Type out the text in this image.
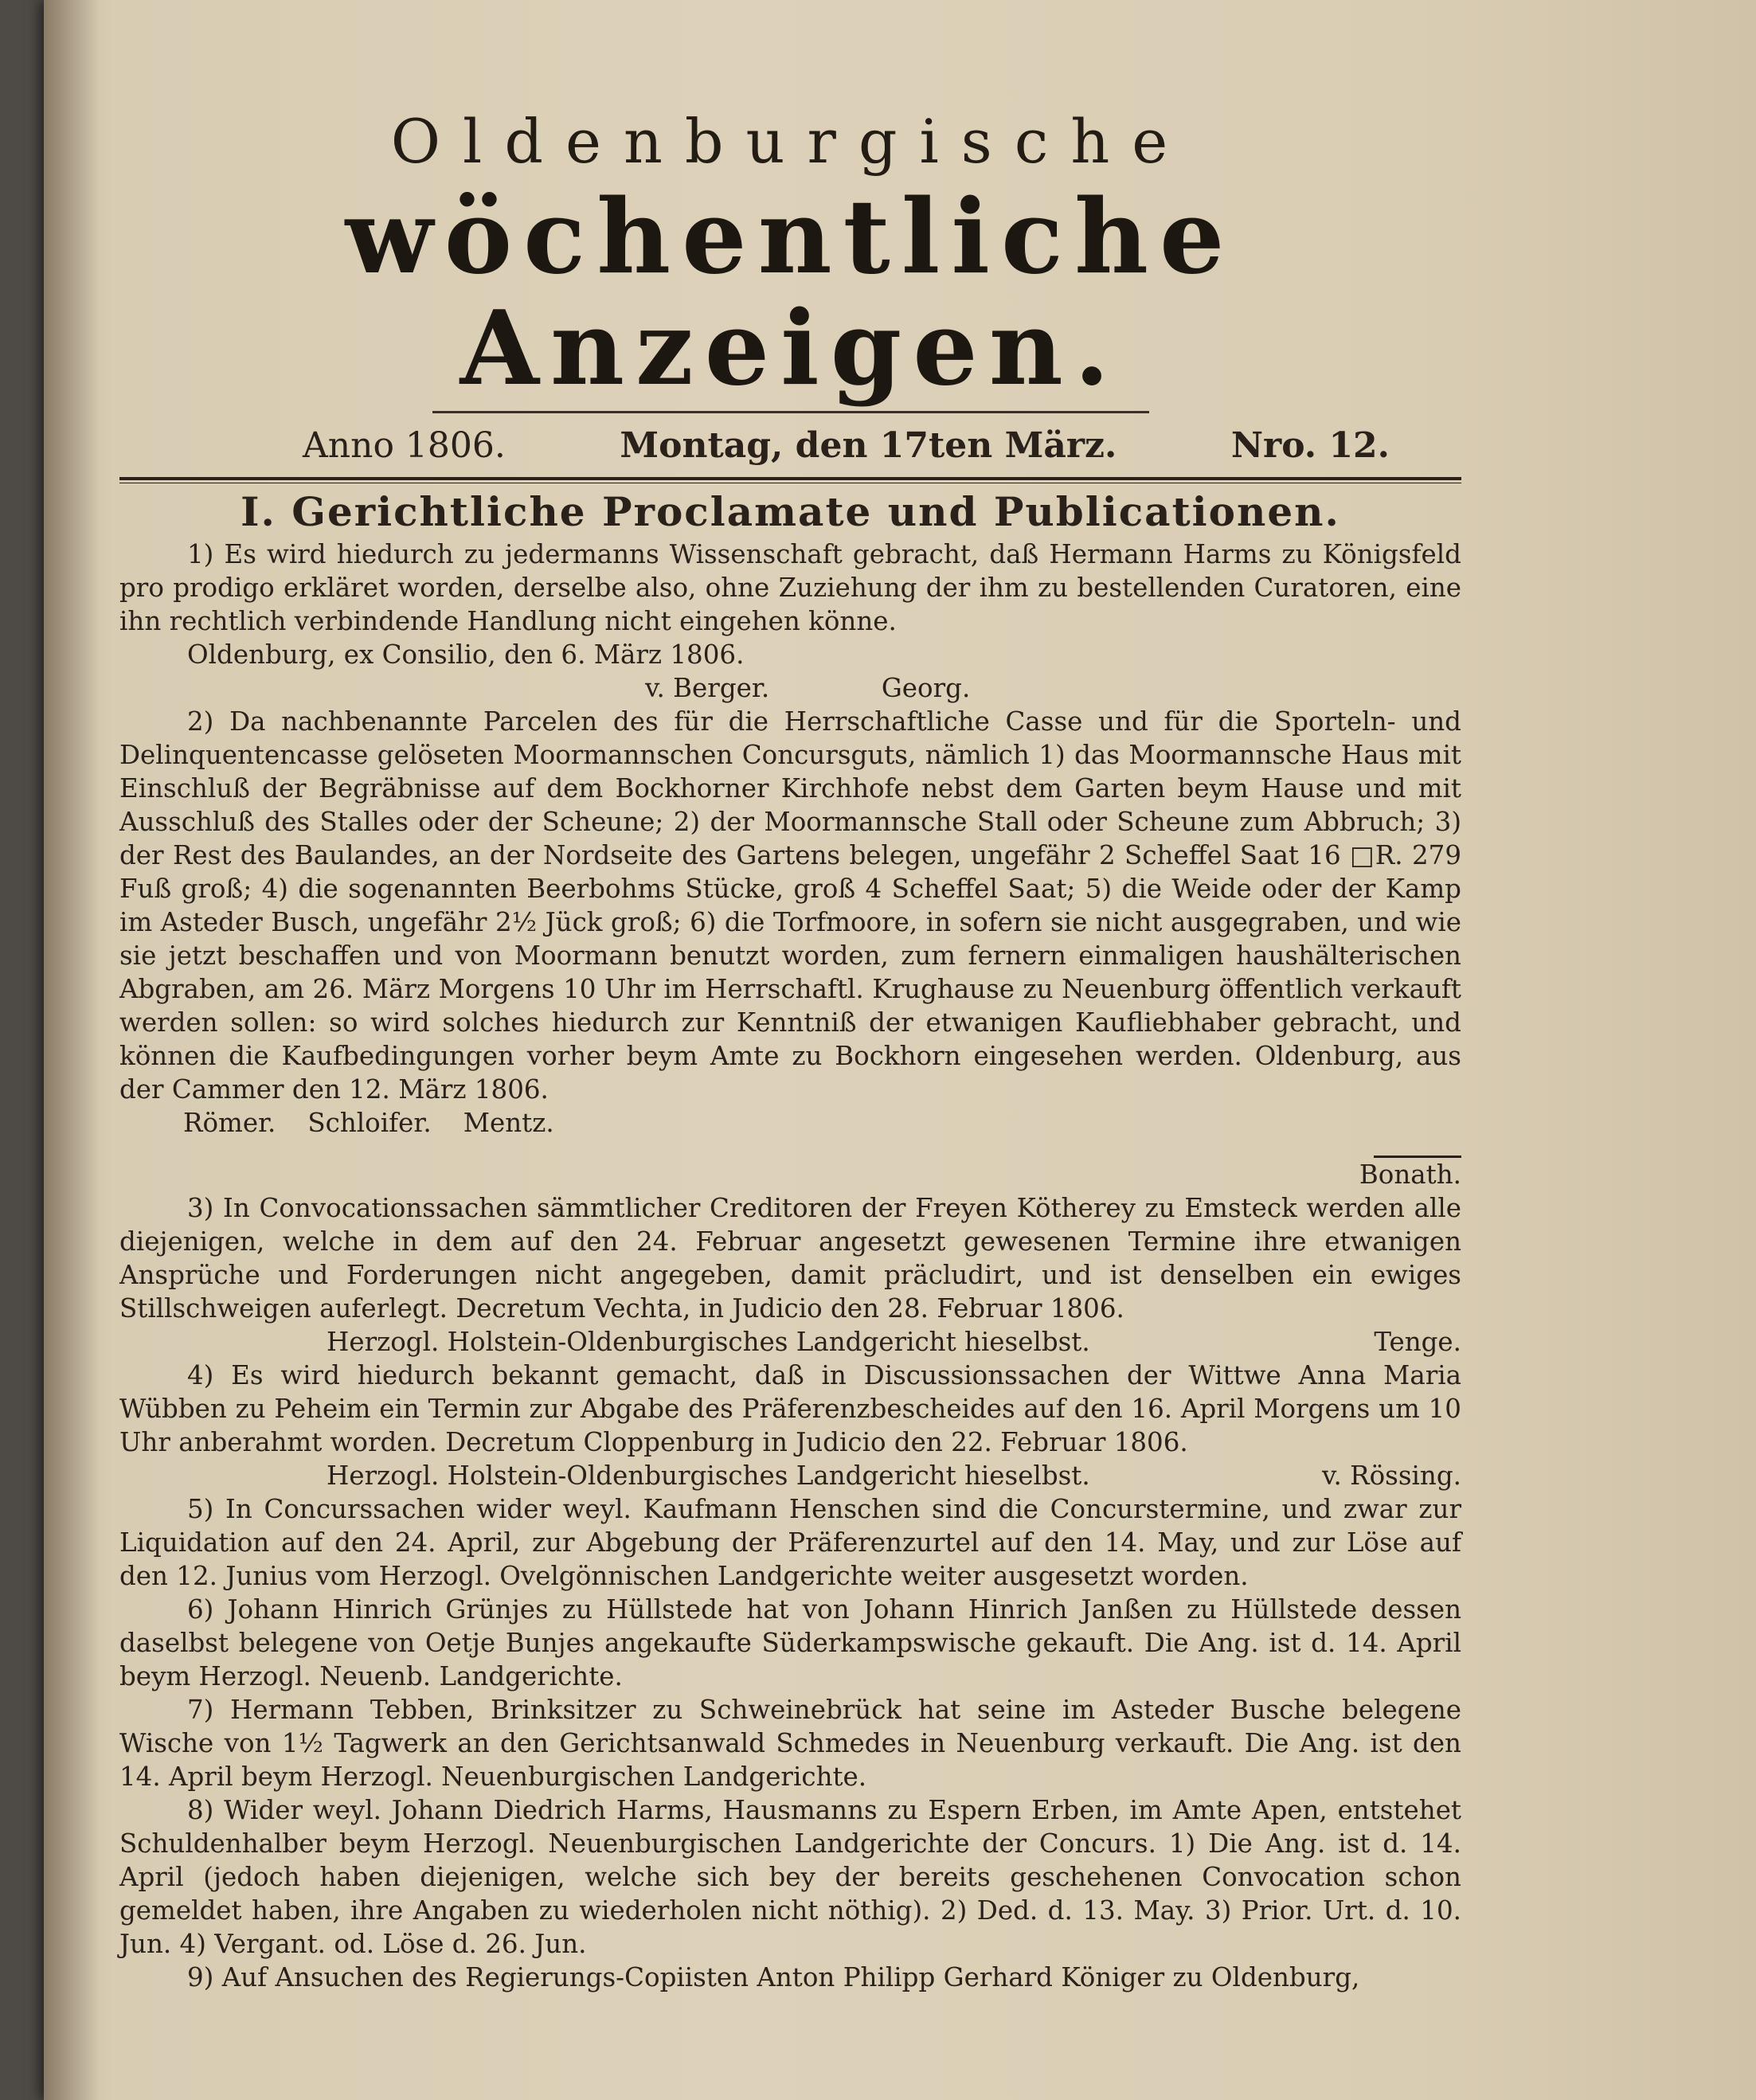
Oldenburgische
wöchentliche Anzeigen.
Anno 1806.	Montag, den 17ten März.	Nro. 12.
I. Gerichtliche Proclamate und Publicationen.

1) Es wird hiedurch zu jedermanns Wissenschaft gebracht, daß Hermann Harms zu Königsfeld pro prodigo erkläret worden, derselbe also, ohne Zuziehung der ihm zu bestellenden Curatoren, eine ihn rechtlich verbindende Handlung nicht eingehen könne.

Oldenburg, ex Consilio, den 6. März 1806.

v. Berger.	Georg.

2) Da nachbenannte Parcelen des für die Herrschaftliche Casse und für die Sporteln- und Delinquentencasse gelöseten Moormannschen Concursguts, nämlich 1) das Moormannsche Haus mit Einschluß der Begräbnisse auf dem Bockhorner Kirchhofe nebst dem Garten beym Hause und mit Ausschluß des Stalles oder der Scheune; 2) der Moormannsche Stall oder Scheune zum Abbruch; 3) der Rest des Baulandes, an der Nordseite des Gartens belegen, ungefähr 2 Scheffel Saat 16 □R. 279 Fuß groß; 4) die sogenannten Beerbohms Stücke, groß 4 Scheffel Saat; 5) die Weide oder der Kamp im Asteder Busch, ungefähr 2½ Jück groß; 6) die Torfmoore, in sofern sie nicht ausgegraben, und wie sie jetzt beschaffen und von Moormann benutzt worden, zum fernern einmaligen haushälterischen Abgraben, am 26. März Morgens 10 Uhr im Herrschaftl. Krughause zu Neuenburg öffentlich verkauft werden sollen: so wird solches hiedurch zur Kenntniß der etwanigen Kaufliebhaber gebracht, und können die Kaufbedingungen vorher beym Amte zu Bockhorn eingesehen werden. Oldenburg, aus der Cammer den 12. März 1806.

Römer. Schloifer. Mentz.

Bonath.

3) In Convocationssachen sämmtlicher Creditoren der Freyen Kötherey zu Emsteck werden alle diejenigen, welche in dem auf den 24. Februar angesetzt gewesenen Termine ihre etwanigen Ansprüche und Forderungen nicht angegeben, damit präcludirt, und ist denselben ein ewiges Stillschweigen auferlegt. Decretum Vechta, in Judicio den 28. Februar 1806.

Herzogl. Holstein-Oldenburgisches Landgericht hieselbst.	Tenge.

4) Es wird hiedurch bekannt gemacht, daß in Discussionssachen der Wittwe Anna Maria Wübben zu Peheim ein Termin zur Abgabe des Präferenzbescheides auf den 16. April Morgens um 10 Uhr anberahmt worden. Decretum Cloppenburg in Judicio den 22. Februar 1806.

Herzogl. Holstein-Oldenburgisches Landgericht hieselbst.	v. Rössing.

5) In Concurssachen wider weyl. Kaufmann Henschen sind die Concurstermine, und zwar zur Liquidation auf den 24. April, zur Abgebung der Präferenzurtel auf den 14. May, und zur Löse auf den 12. Junius vom Herzogl. Ovelgönnischen Landgerichte weiter ausgesetzt worden.

6) Johann Hinrich Grünjes zu Hüllstede hat von Johann Hinrich Janßen zu Hüllstede dessen daselbst belegene von Oetje Bunjes angekaufte Süderkampswische gekauft. Die Ang. ist d. 14. April beym Herzogl. Neuenb. Landgerichte.

7) Hermann Tebben, Brinksitzer zu Schweinebrück hat seine im Asteder Busche belegene Wische von 1½ Tagwerk an den Gerichtsanwald Schmedes in Neuenburg verkauft. Die Ang. ist den 14. April beym Herzogl. Neuenburgischen Landgerichte.

8) Wider weyl. Johann Diedrich Harms, Hausmanns zu Espern Erben, im Amte Apen, entstehet Schuldenhalber beym Herzogl. Neuenburgischen Landgerichte der Concurs. 1) Die Ang. ist d. 14. April (jedoch haben diejenigen, welche sich bey der bereits geschehenen Convocation schon gemeldet haben, ihre Angaben zu wiederholen nicht nöthig). 2) Ded. d. 13. May. 3) Prior. Urt. d. 10. Jun. 4) Vergant. od. Löse d. 26. Jun.

9) Auf Ansuchen des Regierungs-Copiisten Anton Philipp Gerhard Königer zu Oldenburg,
